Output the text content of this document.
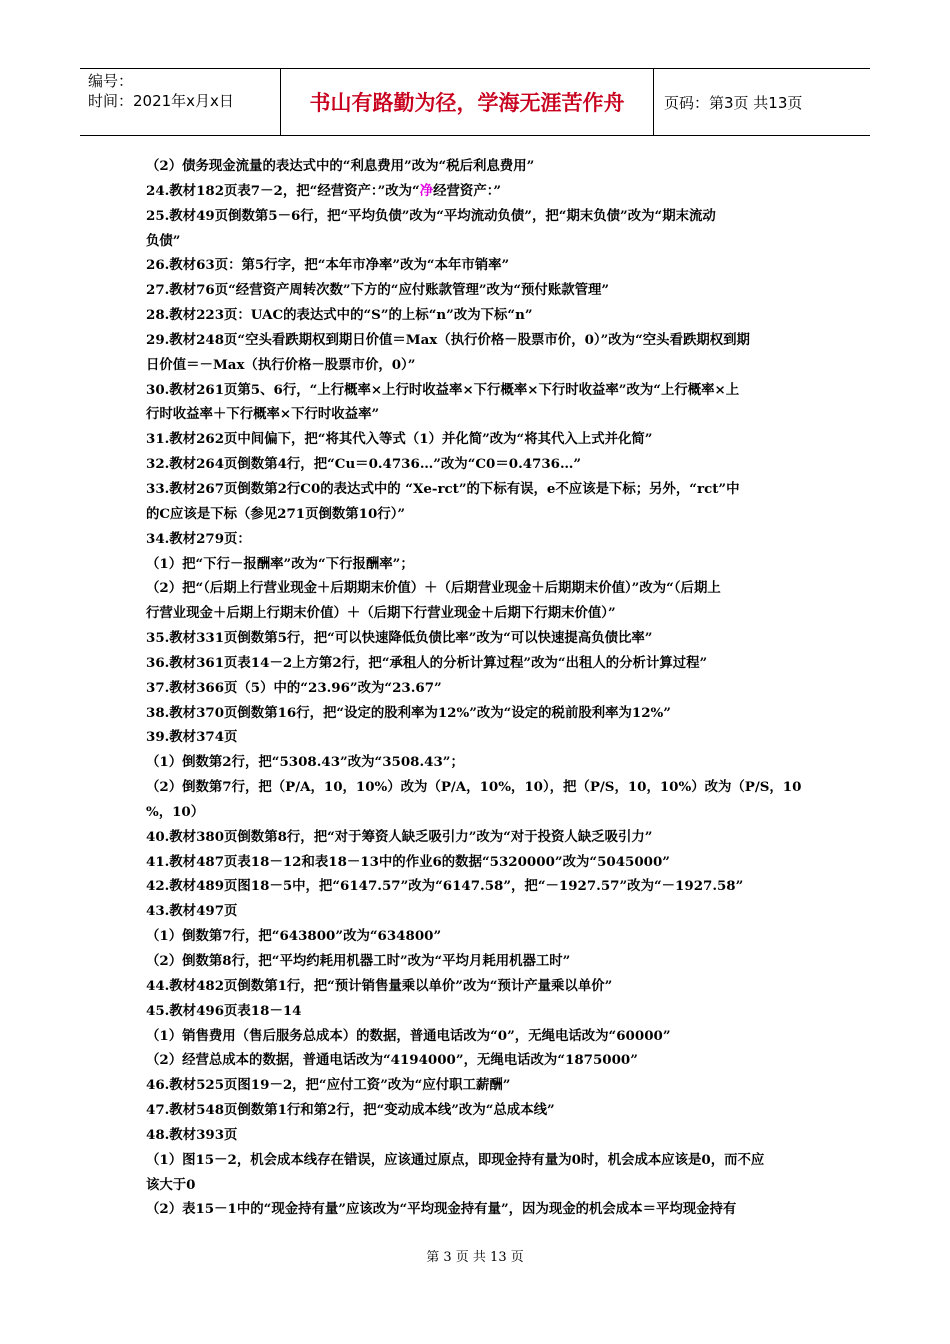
编号：
时间：2021年x月x日	书山有路勤为径，学海无涯苦作舟	页码：第3页 共13页
（2）债务现金流量的表达式中的“利息费用”改为“税后利息费用”
24.教材182页表7－2，把“经营资产：”改为“净经营资产：”
25.教材49页倒数第5－6行，把“平均负债”改为“平均流动负债”，把“期末负债”改为“期末流动
负债”
26.教材63页：第5行字，把“本年市净率”改为“本年市销率”
27.教材76页“经营资产周转次数”下方的“应付账款管理”改为“预付账款管理”
28.教材223页：UAC的表达式中的“S”的上标“n”改为下标“n”
29.教材248页“空头看跌期权到期日价值＝Max（执行价格－股票市价，0）”改为“空头看跌期权到期
日价值＝－Max（执行价格－股票市价，0）”
30.教材261页第5、6行，“上行概率×上行时收益率×下行概率×下行时收益率”改为“上行概率×上
行时收益率＋下行概率×下行时收益率”
31.教材262页中间偏下，把“将其代入等式（1）并化简”改为“将其代入上式并化简”
32.教材264页倒数第4行，把“Cu＝0.4736…”改为“C0＝0.4736…”
33.教材267页倒数第2行C0的表达式中的 “Xe-rct”的下标有误，e不应该是下标；另外，“rct”中
的C应该是下标（参见271页倒数第10行）”
34.教材279页：
（1）把“下行－报酬率”改为“下行报酬率”；
（2）把“（后期上行营业现金＋后期期末价值）＋（后期营业现金＋后期期末价值）”改为“（后期上
行营业现金＋后期上行期末价值）＋（后期下行营业现金＋后期下行期末价值）”
35.教材331页倒数第5行，把“可以快速降低负债比率”改为“可以快速提高负债比率”
36.教材361页表14－2上方第2行，把“承租人的分析计算过程”改为“出租人的分析计算过程”
37.教材366页（5）中的“23.96”改为“23.67”
38.教材370页倒数第16行，把“设定的股利率为12%”改为“设定的税前股利率为12%”
39.教材374页
（1）倒数第2行，把“5308.43”改为“3508.43”；
（2）倒数第7行，把（P/A，10，10%）改为（P/A，10%，10），把（P/S，10，10%）改为（P/S，10
%，10）
40.教材380页倒数第8行，把“对于筹资人缺乏吸引力”改为“对于投资人缺乏吸引力”
41.教材487页表18－12和表18－13中的作业6的数据“5320000”改为“5045000”
42.教材489页图18－5中，把“6147.57”改为“6147.58”，把“－1927.57”改为“－1927.58”
43.教材497页
（1）倒数第7行，把“643800”改为“634800”
（2）倒数第8行，把“平均约耗用机器工时”改为“平均月耗用机器工时”
44.教材482页倒数第1行，把“预计销售量乘以单价”改为“预计产量乘以单价”
45.教材496页表18－14
（1）销售费用（售后服务总成本）的数据，普通电话改为“0”，无绳电话改为“60000”
（2）经营总成本的数据，普通电话改为“4194000”，无绳电话改为“1875000”
46.教材525页图19－2，把“应付工资”改为“应付职工薪酬”
47.教材548页倒数第1行和第2行，把“变动成本线”改为“总成本线”
48.教材393页
（1）图15－2，机会成本线存在错误，应该通过原点，即现金持有量为0时，机会成本应该是0，而不应
该大于0
（2）表15－1中的“现金持有量”应该改为“平均现金持有量”，因为现金的机会成本＝平均现金持有
第 3 页 共 13 页
